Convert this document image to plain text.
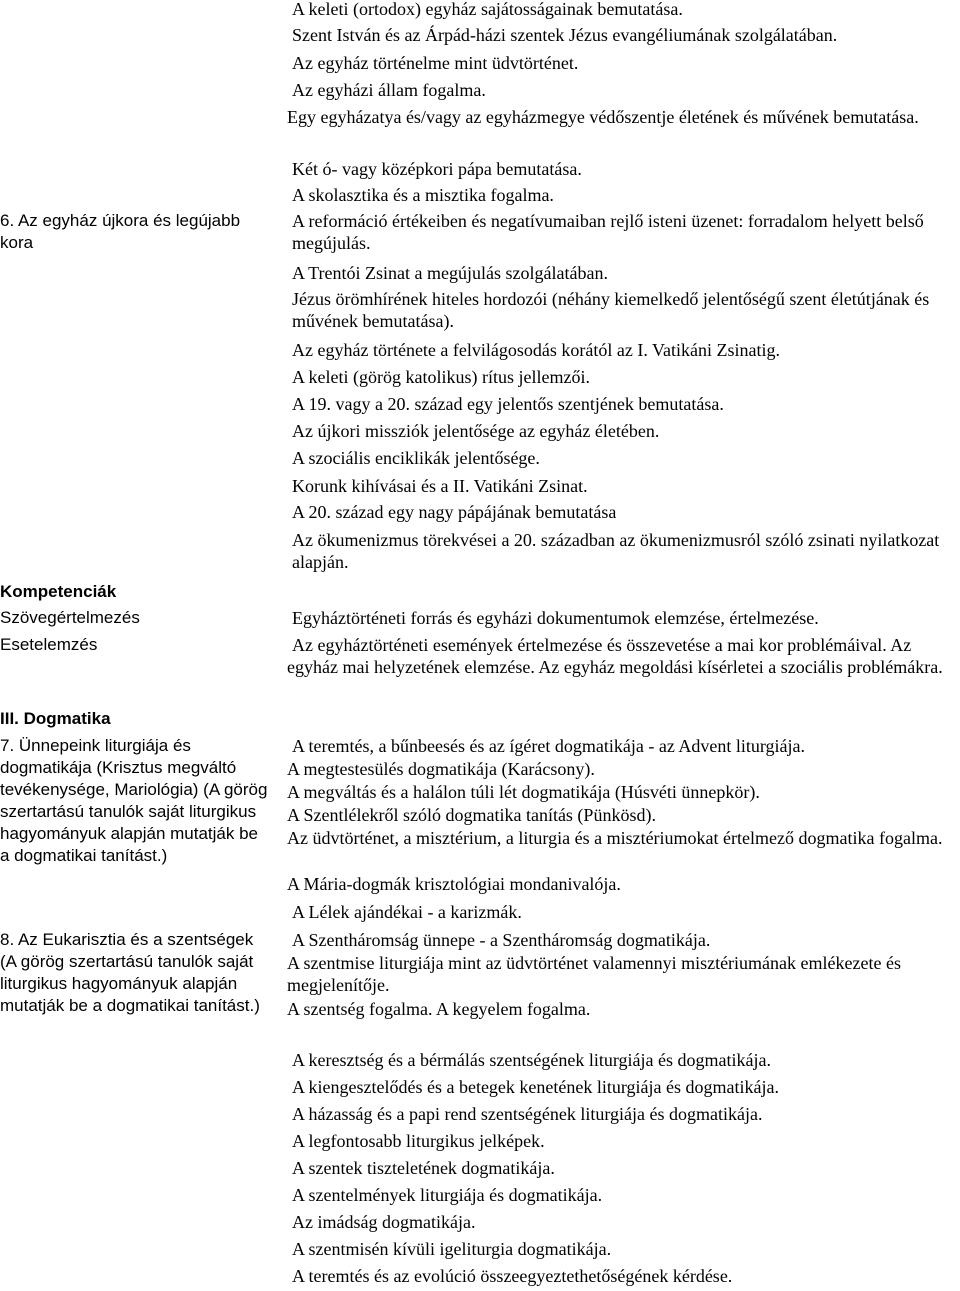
A keleti (ortodox) egyház sajátosságainak bemutatása.
Szent István és az Árpád-házi szentek Jézus evangéliumának szolgálatában.
Az egyház történelme mint üdvtörténet.
Az egyházi állam fogalma.
Egy egyházatya és/vagy az egyházmegye védőszentje életének és művének bemutatása.
Két ó- vagy középkori pápa bemutatása.
A skolasztika és a misztika fogalma.
6. Az egyház újkora és legújabb kora
A reformáció értékeiben és negatívumaiban rejlő isteni üzenet: forradalom helyett belső megújulás.
A Trentói Zsinat a megújulás szolgálatában.
Jézus örömhírének hiteles hordozói (néhány kiemelkedő jelentőségű szent életútjának és művének bemutatása).
Az egyház története a felvilágosodás korától az I. Vatikáni Zsinatig.
A keleti (görög katolikus) rítus jellemzői.
A 19. vagy a 20. század egy jelentős szentjének bemutatása.
Az újkori missziók jelentősége az egyház életében.
A szociális enciklikák jelentősége.
Korunk kihívásai és a II. Vatikáni Zsinat.
A 20. század egy nagy pápájának bemutatása
Az ökumenizmus törekvései a 20. században az ökumenizmusról szóló zsinati nyilatkozat alapján.
Kompetenciák
Szövegértelmezés	Egyháztörténeti forrás és egyházi dokumentumok elemzése, értelmezése.
Esetelemzés	Az egyháztörténeti események értelmezése és összevetése a mai kor problémáival. Az egyház mai helyzetének elemzése. Az egyház megoldási kísérletei a szociális problémákra.
III. Dogmatika
7. Ünnepeink liturgiája és dogmatikája (Krisztus megváltó tevékenysége, Mariológia) (A görög szertartású tanulók saját liturgikus hagyományuk alapján mutatják be a dogmatikai tanítást.)
A teremtés, a bűnbeesés és az ígéret dogmatikája - az Advent liturgiája.
A megtestesülés dogmatikája (Karácsony).
A megváltás és a halálon túli lét dogmatikája (Húsvéti ünnepkör).
A Szentlélekről szóló dogmatika tanítás (Pünkösd).
Az üdvtörténet, a misztérium, a liturgia és a misztériumokat értelmező dogmatika fogalma.
A Mária-dogmák krisztológiai mondanivalója.
A Lélek ajándékai - a karizmák.
8. Az Eukarisztia és a szentségek (A görög szertartású tanulók saját liturgikus hagyományuk alapján mutatják be a dogmatikai tanítást.)
A Szentháromság ünnepe - a Szentháromság dogmatikája.
A szentmise liturgiája mint az üdvtörténet valamennyi misztériumának emlékezete és megjelenítője.
A szentség fogalma. A kegyelem fogalma.
A keresztség és a bérmálás szentségének liturgiája és dogmatikája.
A kiengesztelődés és a betegek kenetének liturgiája és dogmatikája.
A házasság és a papi rend szentségének liturgiája és dogmatikája.
A legfontosabb liturgikus jelképek.
A szentek tiszteletének dogmatikája.
A szentelmények liturgiája és dogmatikája.
Az imádság dogmatikája.
A szentmisén kívüli igeliturgia dogmatikája.
A teremtés és az evolúció összeegyeztethetőségének kérdése.
